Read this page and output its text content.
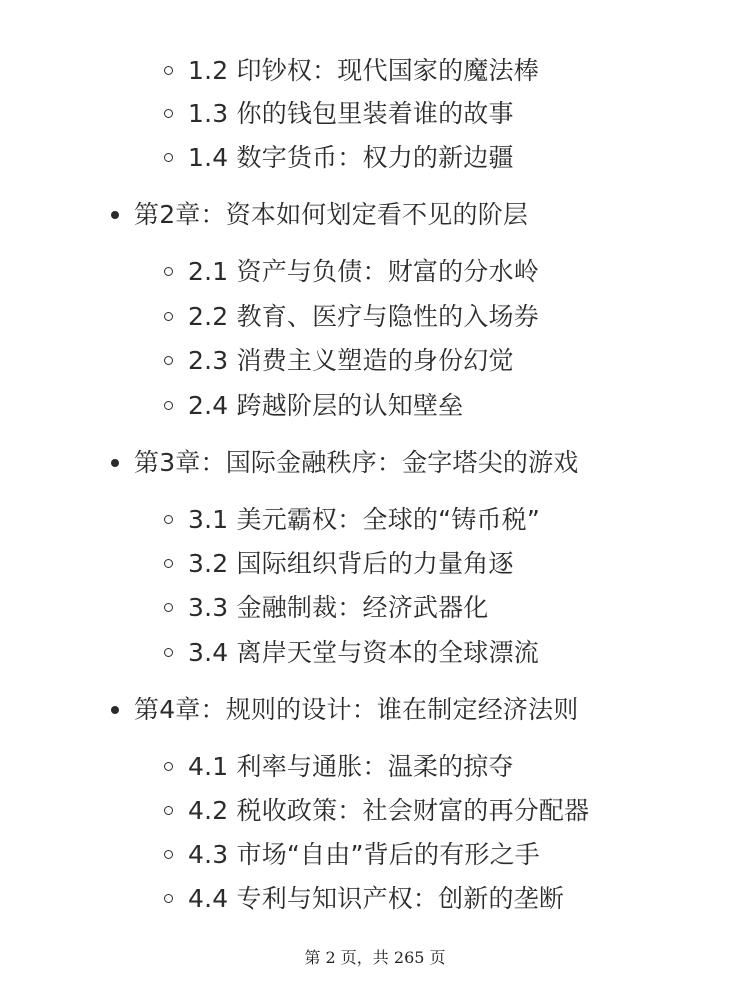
1.2 印钞权：现代国家的魔法棒
1.3 你的钱包里装着谁的故事
1.4 数字货币：权力的新边疆
第2章：资本如何划定看不见的阶层
2.1 资产与负债：财富的分水岭
2.2 教育、医疗与隐性的入场券
2.3 消费主义塑造的身份幻觉
2.4 跨越阶层的认知壁垒
第3章：国际金融秩序：金字塔尖的游戏
3.1 美元霸权：全球的“铸币税”
3.2 国际组织背后的力量角逐
3.3 金融制裁：经济武器化
3.4 离岸天堂与资本的全球漂流
第4章：规则的设计：谁在制定经济法则
4.1 利率与通胀：温柔的掠夺
4.2 税收政策：社会财富的再分配器
4.3 市场“自由”背后的有形之手
4.4 专利与知识产权：创新的垄断
第 2 页，共 265 页
